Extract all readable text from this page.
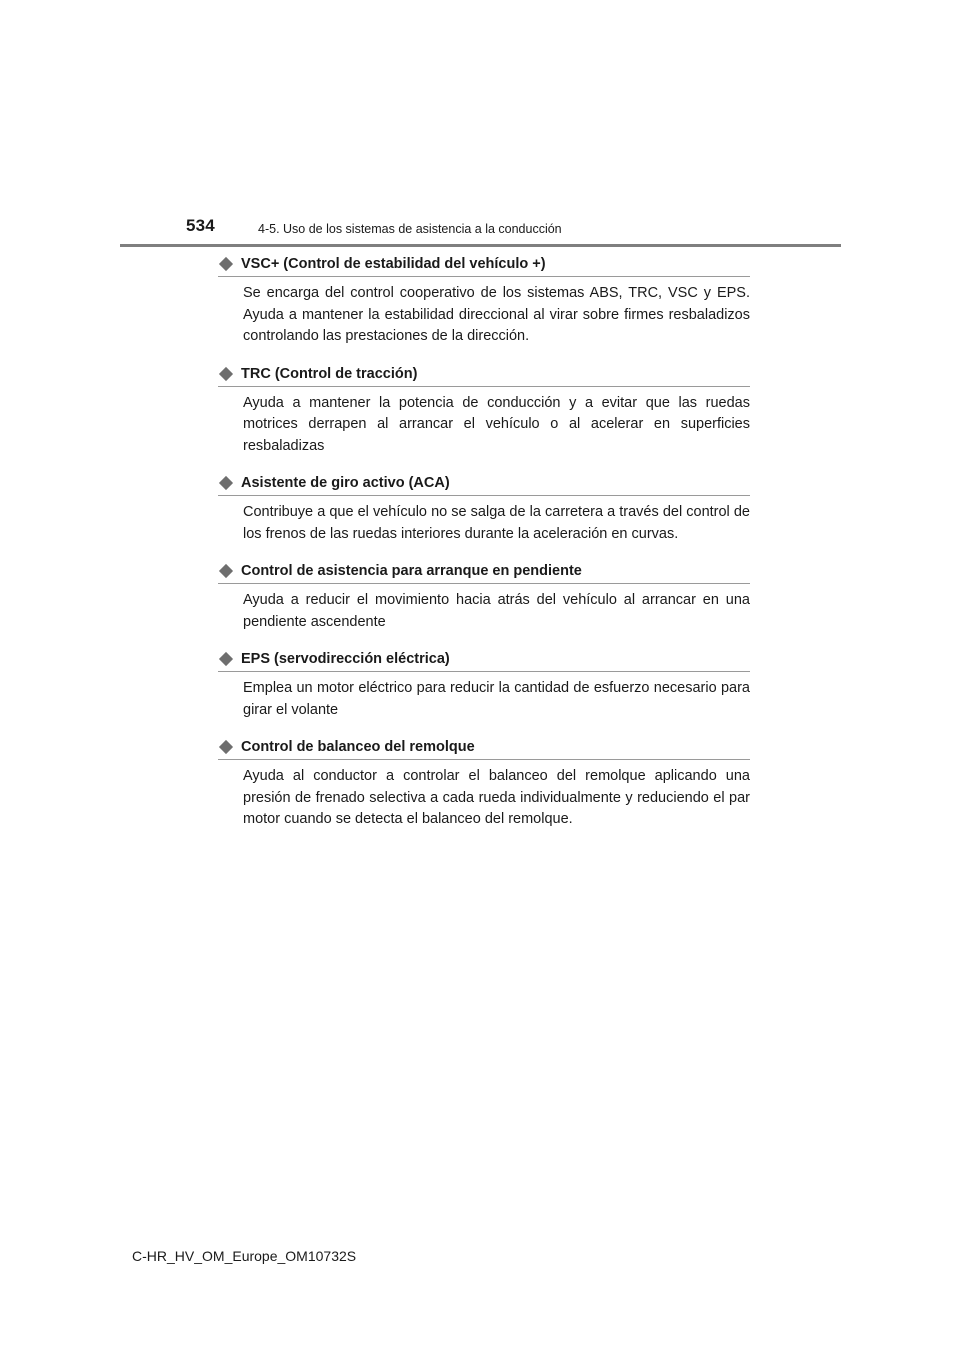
534	4-5. Uso de los sistemas de asistencia a la conducción
VSC+ (Control de estabilidad del vehículo +)

Se encarga del control cooperativo de los sistemas ABS, TRC, VSC y EPS. Ayuda a mantener la estabilidad direccional al virar sobre firmes resbaladizos controlando las prestaciones de la dirección.

TRC (Control de tracción)

Ayuda a mantener la potencia de conducción y a evitar que las ruedas motrices derrapen al arrancar el vehículo o al acelerar en superficies resbaladizas

Asistente de giro activo (ACA)

Contribuye a que el vehículo no se salga de la carretera a través del control de los frenos de las ruedas interiores durante la aceleración en curvas.

Control de asistencia para arranque en pendiente

Ayuda a reducir el movimiento hacia atrás del vehículo al arrancar en una pendiente ascendente

EPS (servodirección eléctrica)

Emplea un motor eléctrico para reducir la cantidad de esfuerzo necesario para girar el volante

Control de balanceo del remolque

Ayuda al conductor a controlar el balanceo del remolque aplicando una presión de frenado selectiva a cada rueda individualmente y reduciendo el par motor cuando se detecta el balanceo del remolque.

C-HR_HV_OM_Europe_OM10732S
